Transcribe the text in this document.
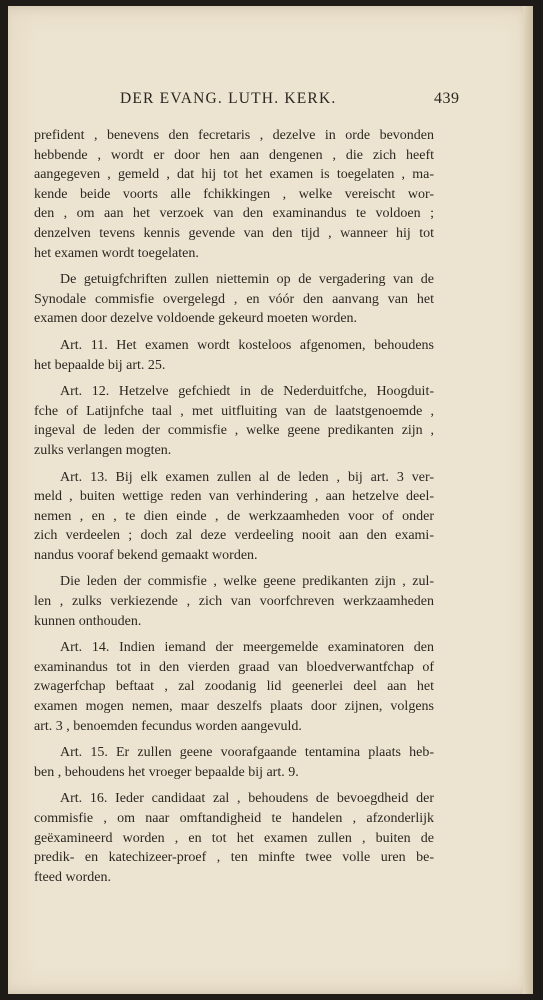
DER EVANG. LUTH. KERK.	439
prefident , benevens den fecretaris , dezelve in orde bevonden
hebbende , wordt er door hen aan dengenen , die zich heeft
aangegeven , gemeld , dat hij tot het examen is toegelaten , ma-
kende beide voorts alle fchikkingen , welke vereischt wor-
den , om aan het verzoek van den examinandus te voldoen ;
denzelven tevens kennis gevende van den tijd , wanneer hij tot
het examen wordt toegelaten.
De getuigfchriften zullen niettemin op de vergadering van de
Synodale commisfie overgelegd , en vóór den aanvang van het
examen door dezelve voldoende gekeurd moeten worden.
Art. 11. Het examen wordt kosteloos afgenomen, behoudens
het bepaalde bij art. 25.
Art. 12. Hetzelve gefchiedt in de Nederduitfche, Hoogduit-
fche of Latijnfche taal , met uitfluiting van de laatstgenoemde ,
ingeval de leden der commisfie , welke geene predikanten zijn ,
zulks verlangen mogten.
Art. 13. Bij elk examen zullen al de leden , bij art. 3 ver-
meld , buiten wettige reden van verhindering , aan hetzelve deel-
nemen , en , te dien einde , de werkzaamheden voor of onder
zich verdeelen ; doch zal deze verdeeling nooit aan den exami-
nandus vooraf bekend gemaakt worden.
Die leden der commisfie , welke geene predikanten zijn , zul-
len , zulks verkiezende , zich van voorfchreven werkzaamheden
kunnen onthouden.
Art. 14. Indien iemand der meergemelde examinatoren den
examinandus tot in den vierden graad van bloedverwantfchap of
zwagerfchap beftaat , zal zoodanig lid geenerlei deel aan het
examen mogen nemen, maar deszelfs plaats door zijnen, volgens
art. 3 , benoemden fecundus worden aangevuld.
Art. 15. Er zullen geene voorafgaande tentamina plaats heb-
ben , behoudens het vroeger bepaalde bij art. 9.
Art. 16. Ieder candidaat zal , behoudens de bevoegdheid der
commisfie , om naar omftandigheid te handelen , afzonderlijk
geëxamineerd worden , en tot het examen zullen , buiten de
predik- en katechizeer-proef , ten minfte twee volle uren be-
fteed worden.
